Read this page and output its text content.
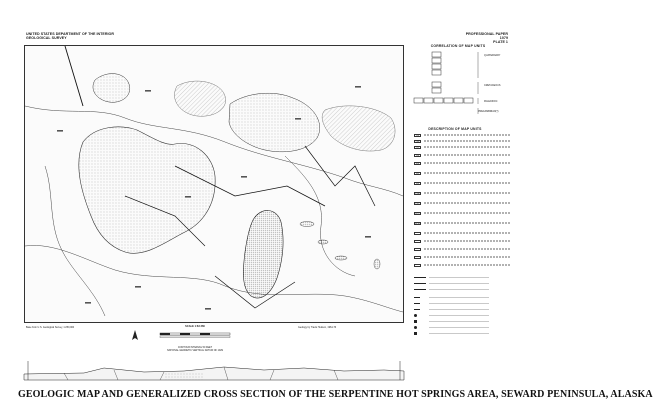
UNITED STATES DEPARTMENT OF THE INTERIOR
GEOLOGICAL SURVEY
PROFESSIONAL PAPER 1079
PLATE 1
CORRELATION OF MAP UNITS
QUATERNARY
CRETACEOUS
PALEOZOIC
PRECAMBRIAN(?)
DESCRIPTION OF MAP UNITS
Qa
Qal
Qt
Qg
Kgr
Kg
Kd
Pzm
Pzs
pCs
pCm
Base from U.S. Geological Survey, 1:250,000	SCALE 1:63 360
CONTOUR INTERVAL 50 FEET
NATIONAL GEODETIC VERTICAL DATUM OF 1929
Geology by Travis Hudson, 1964-76
GEOLOGIC MAP AND GENERALIZED CROSS SECTION OF THE SERPENTINE HOT SPRINGS AREA, SEWARD PENINSULA, ALASKA
